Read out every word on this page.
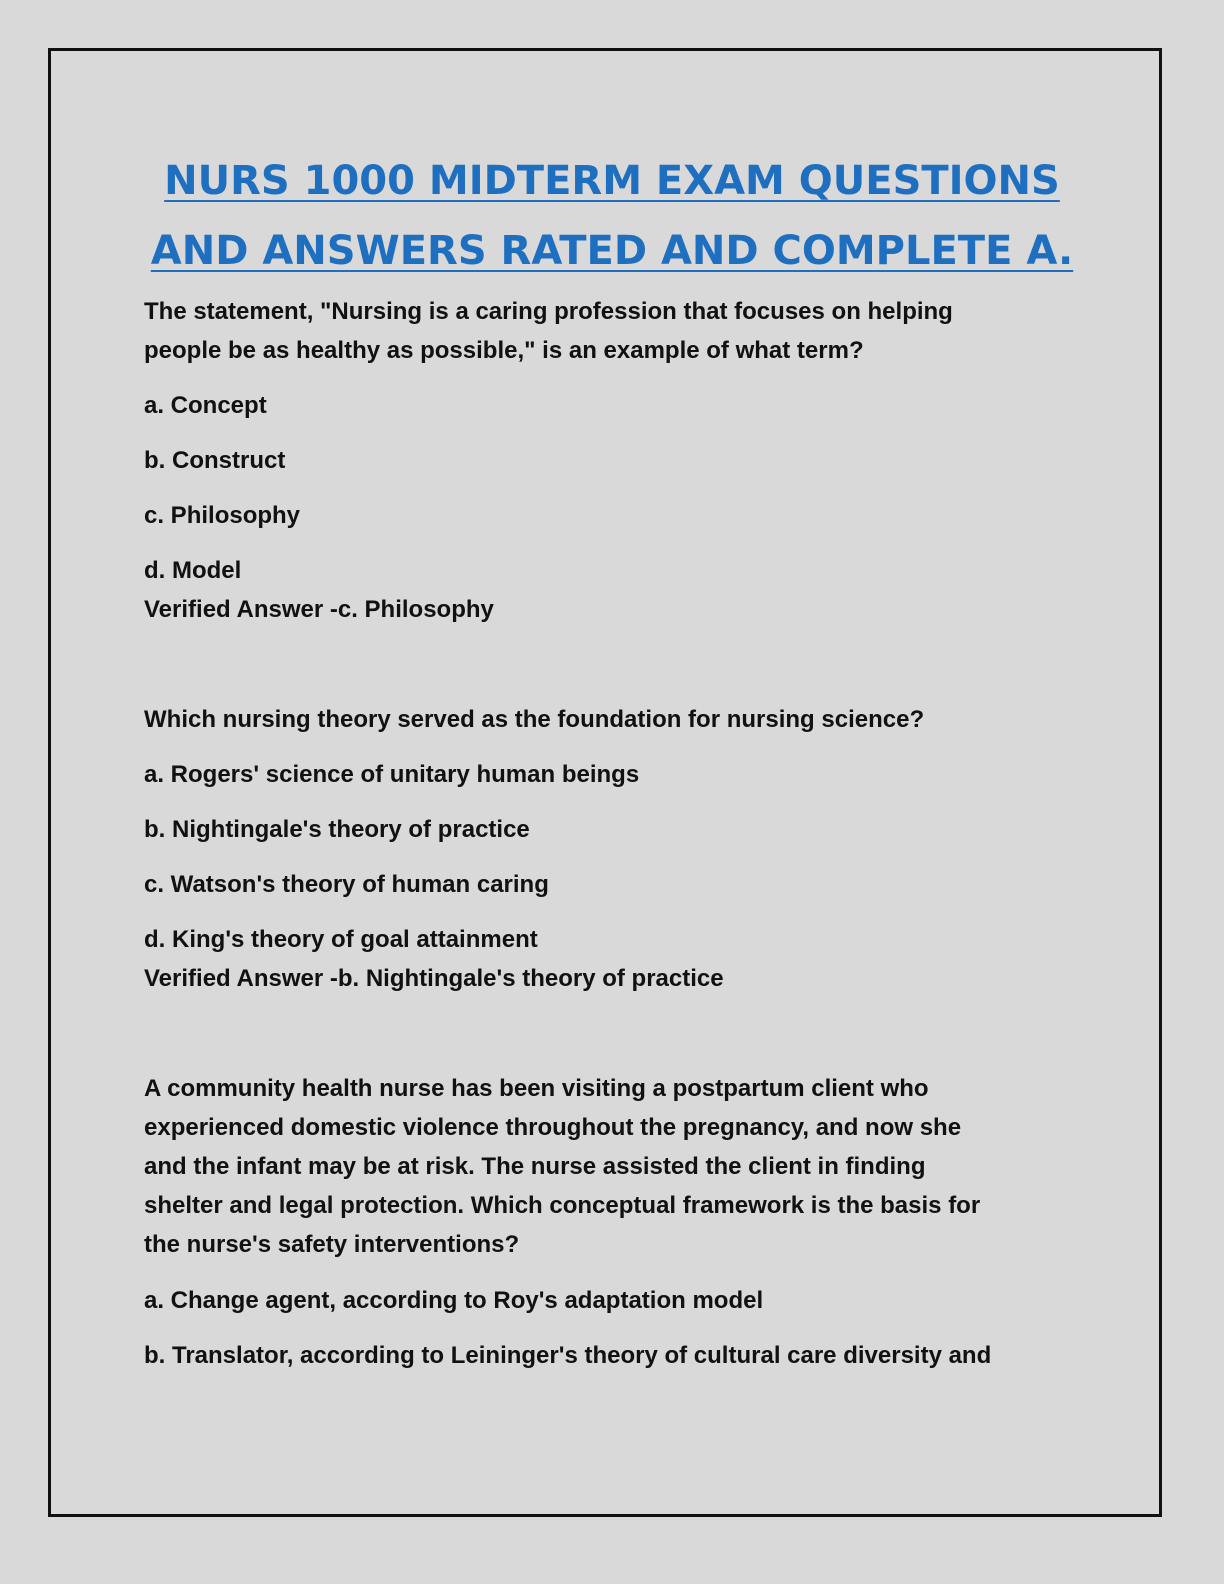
NURS 1000 MIDTERM EXAM QUESTIONS
AND ANSWERS RATED AND COMPLETE A.
The statement, "Nursing is a caring profession that focuses on helping
people be as healthy as possible," is an example of what term?
a. Concept
b. Construct
c. Philosophy
d. Model
Verified Answer -c. Philosophy
Which nursing theory served as the foundation for nursing science?
a. Rogers' science of unitary human beings
b. Nightingale's theory of practice
c. Watson's theory of human caring
d. King's theory of goal attainment
Verified Answer -b. Nightingale's theory of practice
A community health nurse has been visiting a postpartum client who
experienced domestic violence throughout the pregnancy, and now she
and the infant may be at risk. The nurse assisted the client in finding
shelter and legal protection. Which conceptual framework is the basis for
the nurse's safety interventions?
a. Change agent, according to Roy's adaptation model
b. Translator, according to Leininger's theory of cultural care diversity and
